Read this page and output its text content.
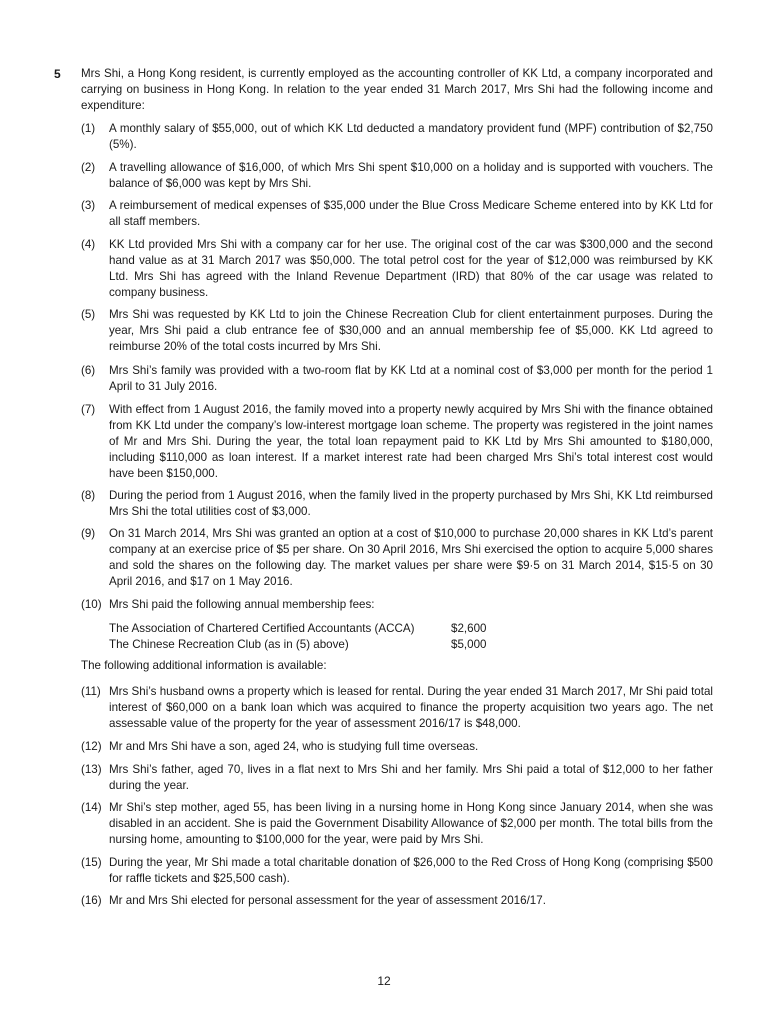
5 Mrs Shi, a Hong Kong resident, is currently employed as the accounting controller of KK Ltd, a company incorporated and carrying on business in Hong Kong. In relation to the year ended 31 March 2017, Mrs Shi had the following income and expenditure:
(1) A monthly salary of $55,000, out of which KK Ltd deducted a mandatory provident fund (MPF) contribution of $2,750 (5%).
(2) A travelling allowance of $16,000, of which Mrs Shi spent $10,000 on a holiday and is supported with vouchers. The balance of $6,000 was kept by Mrs Shi.
(3) A reimbursement of medical expenses of $35,000 under the Blue Cross Medicare Scheme entered into by KK Ltd for all staff members.
(4) KK Ltd provided Mrs Shi with a company car for her use. The original cost of the car was $300,000 and the second hand value as at 31 March 2017 was $50,000. The total petrol cost for the year of $12,000 was reimbursed by KK Ltd. Mrs Shi has agreed with the Inland Revenue Department (IRD) that 80% of the car usage was related to company business.
(5) Mrs Shi was requested by KK Ltd to join the Chinese Recreation Club for client entertainment purposes. During the year, Mrs Shi paid a club entrance fee of $30,000 and an annual membership fee of $5,000. KK Ltd agreed to reimburse 20% of the total costs incurred by Mrs Shi.
(6) Mrs Shi’s family was provided with a two-room flat by KK Ltd at a nominal cost of $3,000 per month for the period 1 April to 31 July 2016.
(7) With effect from 1 August 2016, the family moved into a property newly acquired by Mrs Shi with the finance obtained from KK Ltd under the company’s low-interest mortgage loan scheme. The property was registered in the joint names of Mr and Mrs Shi. During the year, the total loan repayment paid to KK Ltd by Mrs Shi amounted to $180,000, including $110,000 as loan interest. If a market interest rate had been charged Mrs Shi’s total interest cost would have been $150,000.
(8) During the period from 1 August 2016, when the family lived in the property purchased by Mrs Shi, KK Ltd reimbursed Mrs Shi the total utilities cost of $3,000.
(9) On 31 March 2014, Mrs Shi was granted an option at a cost of $10,000 to purchase 20,000 shares in KK Ltd’s parent company at an exercise price of $5 per share. On 30 April 2016, Mrs Shi exercised the option to acquire 5,000 shares and sold the shares on the following day. The market values per share were $9·5 on 31 March 2014, $15·5 on 30 April 2016, and $17 on 1 May 2016.
(10) Mrs Shi paid the following annual membership fees:
The Association of Chartered Certified Accountants (ACCA)	$2,600
The Chinese Recreation Club (as in (5) above)	$5,000
The following additional information is available:
(11) Mrs Shi’s husband owns a property which is leased for rental. During the year ended 31 March 2017, Mr Shi paid total interest of $60,000 on a bank loan which was acquired to finance the property acquisition two years ago. The net assessable value of the property for the year of assessment 2016/17 is $48,000.
(12) Mr and Mrs Shi have a son, aged 24, who is studying full time overseas.
(13) Mrs Shi’s father, aged 70, lives in a flat next to Mrs Shi and her family. Mrs Shi paid a total of $12,000 to her father during the year.
(14) Mr Shi’s step mother, aged 55, has been living in a nursing home in Hong Kong since January 2014, when she was disabled in an accident. She is paid the Government Disability Allowance of $2,000 per month. The total bills from the nursing home, amounting to $100,000 for the year, were paid by Mrs Shi.
(15) During the year, Mr Shi made a total charitable donation of $26,000 to the Red Cross of Hong Kong (comprising $500 for raffle tickets and $25,500 cash).
(16) Mr and Mrs Shi elected for personal assessment for the year of assessment 2016/17.
12
